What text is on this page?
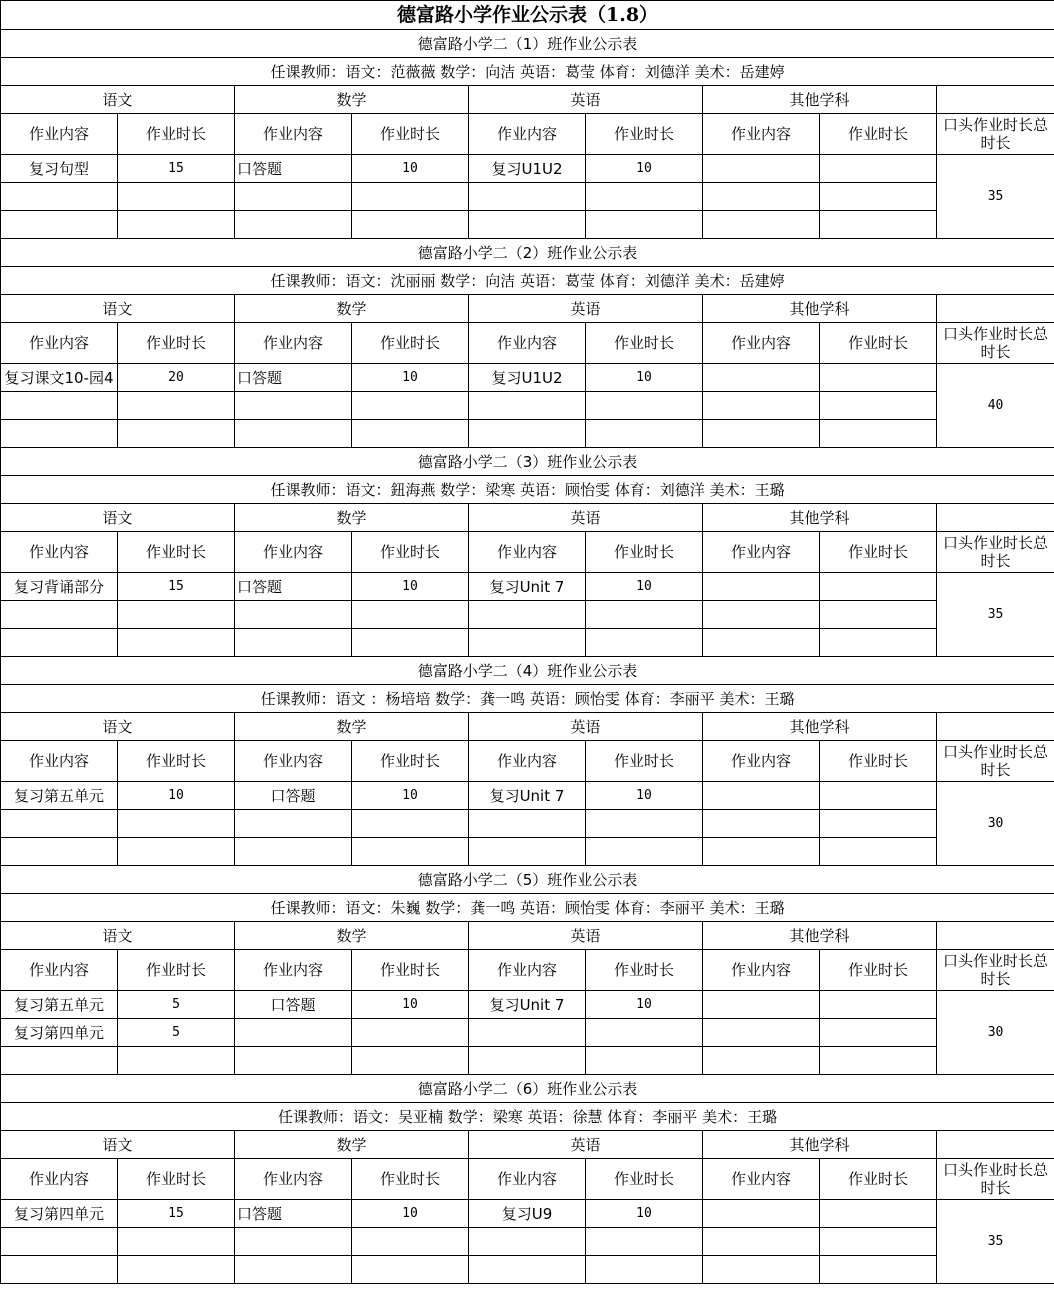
德富路小学作业公示表（1.8）								
德富路小学二（1）班作业公示表								
任课教师：语文：范薇薇 数学：向洁 英语：葛莹 体育：刘德洋 美术：岳建婷								
语文		数学		英语		其他学科		
作业内容	作业时长	作业内容	作业时长	作业内容	作业时长	作业内容	作业时长	口头作业时长总时长
复习句型	15	口答题	10	复习U1U2	10			35

德富路小学二（2）班作业公示表								
任课教师：语文：沈丽丽 数学：向洁 英语：葛莹 体育：刘德洋 美术：岳建婷								
语文		数学		英语		其他学科		
作业内容	作业时长	作业内容	作业时长	作业内容	作业时长	作业内容	作业时长	口头作业时长总时长
复习课文10-园4	20	口答题	10	复习U1U2	10			40

德富路小学二（3）班作业公示表								
任课教师：语文：鈕海燕 数学：梁寒 英语：顾怡雯 体育：刘德洋 美术：王璐								
语文		数学		英语		其他学科		
作业内容	作业时长	作业内容	作业时长	作业内容	作业时长	作业内容	作业时长	口头作业时长总时长
复习背诵部分	15	口答题	10	复习Unit 7	10			35

德富路小学二（4）班作业公示表								
任课教师：语文 ：杨培培 数学：龚一鸣 英语：顾怡雯 体育：李丽平 美术：王璐								
语文		数学		英语		其他学科		
作业内容	作业时长	作业内容	作业时长	作业内容	作业时长	作业内容	作业时长	口头作业时长总时长
复习第五单元	10	口答题	10	复习Unit 7	10			30

德富路小学二（5）班作业公示表								
任课教师：语文：朱巍 数学：龚一鸣 英语：顾怡雯 体育：李丽平 美术：王璐								
语文		数学		英语		其他学科		
作业内容	作业时长	作业内容	作业时长	作业内容	作业时长	作业内容	作业时长	口头作业时长总时长
复习第五单元	5	口答题	10	复习Unit 7	10			30
复习第四单元	5							

德富路小学二（6）班作业公示表								
任课教师：语文：吴亚楠 数学：梁寒 英语：徐慧 体育：李丽平 美术：王璐								
语文		数学		英语		其他学科		
作业内容	作业时长	作业内容	作业时长	作业内容	作业时长	作业内容	作业时长	口头作业时长总时长
复习第四单元	15	口答题	10	复习U9	10			35
